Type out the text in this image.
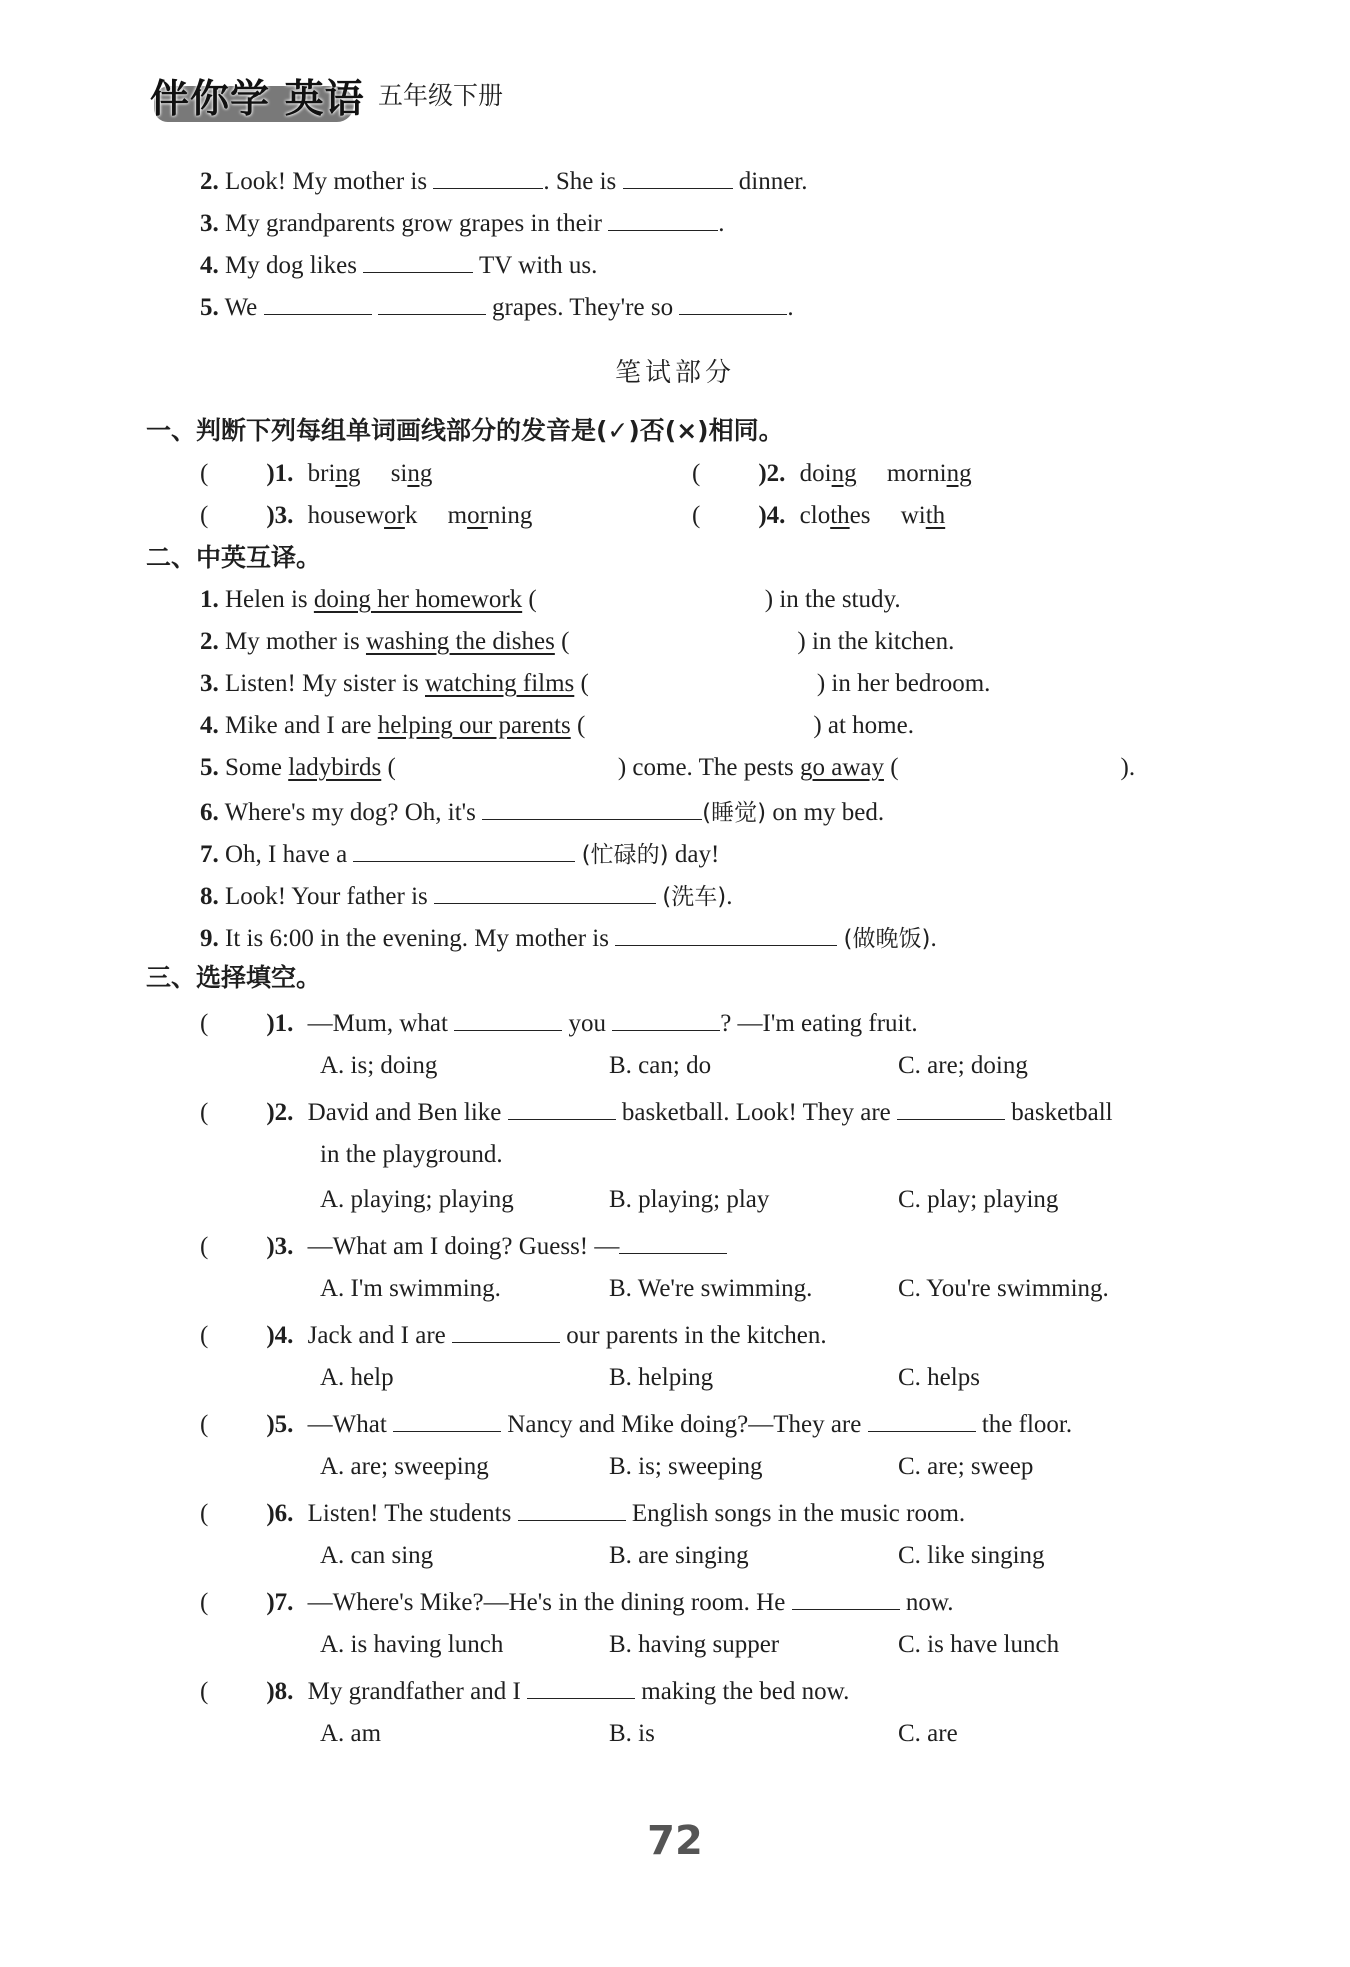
伴你学 英语 五年级下册
2. Look! My mother is	. She is	dinner.
3. My grandparents grow grapes in their	.
4. My dog likes	TV with us.
5. We	grapes. They're so	.
笔试部分
一、判断下列每组单词画线部分的发音是(✓)否(×)相同。
( )1. bring sing	( )2. doing morning
( )3. housework morning	( )4. clothes with
二、中英互译。
1. Helen is doing her homework (	) in the study.
2. My mother is washing the dishes (	) in the kitchen.
3. Listen! My sister is watching films (	) in her bedroom.
4. Mike and I are helping our parents (	) at home.
5. Some ladybirds (	) come. The pests go away (	).
6. Where's my dog? Oh, it's	(睡觉) on my bed.
7. Oh, I have a	(忙碌的) day!
8. Look! Your father is	(洗车).
9. It is 6:00 in the evening. My mother is	(做晚饭).
三、选择填空。
( )1. —Mum, what	you	? —I'm eating fruit.
A. is; doing	B. can; do	C. are; doing
( )2. David and Ben like	basketball. Look! They are	basketball
in the playground.
A. playing; playing	B. playing; play	C. play; playing
( )3. —What am I doing? Guess! —
A. I'm swimming.	B. We're swimming.	C. You're swimming.
( )4. Jack and I are	our parents in the kitchen.
A. help	B. helping	C. helps
( )5. —What	Nancy and Mike doing?—They are	the floor.
A. are; sweeping	B. is; sweeping	C. are; sweep
( )6. Listen! The students	English songs in the music room.
A. can sing	B. are singing	C. like singing
( )7. —Where's Mike?—He's in the dining room. He	now.
A. is having lunch	B. having supper	C. is have lunch
( )8. My grandfather and I	making the bed now.
A. am	B. is	C. are
72
